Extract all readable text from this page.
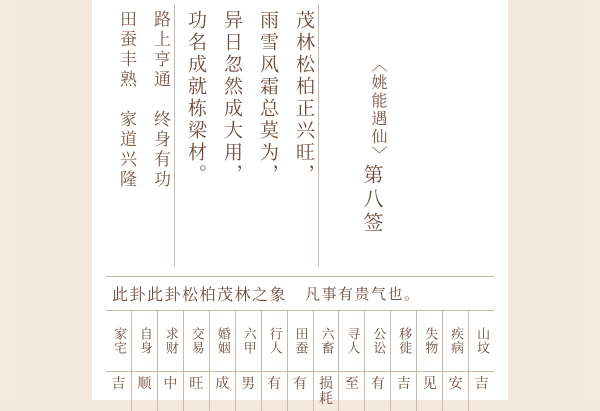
田蚕丰熟　家道兴隆 路上亨通　终身有功 功名成就栋梁材。 异日忽然成大用， 雨雪风霜总莫为， 茂林松柏正兴旺，	〈姚能遇仙〉
第八签
此卦此卦松柏茂林之象 凡事有贵气也。
家宅
吉
自身
顺
求财
中
交易
旺
婚姻
成
六甲
男
行人
有
田蚕
有
六畜
损耗
寻人
至
公讼
有
移徙
吉
失物
见
疾病
安
山坟
吉
